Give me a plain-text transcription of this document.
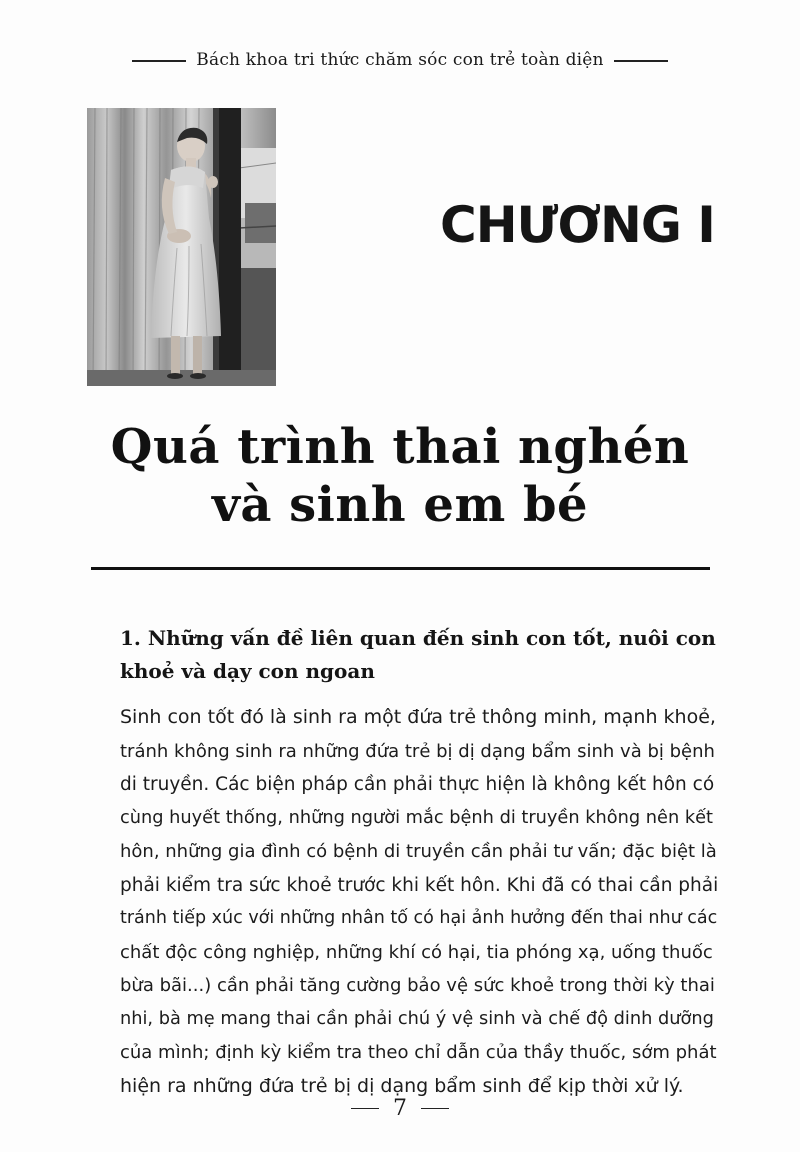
Bách khoa tri thức chăm sóc con trẻ toàn diện
CHƯƠNG I
Quá trình thai nghén
và sinh em bé
1. Những vấn đề liên quan đến sinh con tốt, nuôi con
khoẻ và dạy con ngoan
Sinh con tốt đó là sinh ra một đứa trẻ thông minh, mạnh khoẻ,
tránh không sinh ra những đứa trẻ bị dị dạng bẩm sinh và bị bệnh
di truyền. Các biện pháp cần phải thực hiện là không kết hôn có
cùng huyết thống, những người mắc bệnh di truyền không nên kết
hôn, những gia đình có bệnh di truyền cần phải tư vấn; đặc biệt là
phải kiểm tra sức khoẻ trước khi kết hôn. Khi đã có thai cần phải
tránh tiếp xúc với những nhân tố có hại ảnh hưởng đến thai như các
chất độc công nghiệp, những khí có hại, tia phóng xạ, uống thuốc
bừa bãi...) cần phải tăng cường bảo vệ sức khoẻ trong thời kỳ thai
nhi, bà mẹ mang thai cần phải chú ý vệ sinh và chế độ dinh dưỡng
của mình; định kỳ kiểm tra theo chỉ dẫn của thầy thuốc, sớm phát
hiện ra những đứa trẻ bị dị dạng bẩm sinh để kịp thời xử lý.
7
